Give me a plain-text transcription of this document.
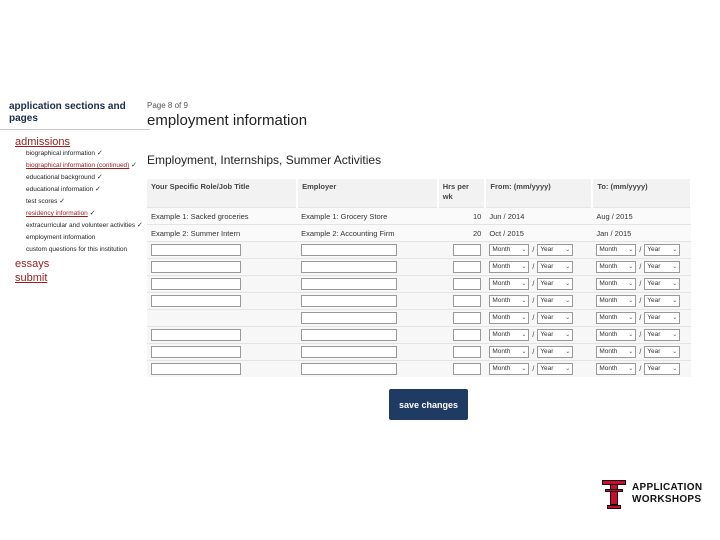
application sections and
pages
admissions
biographical information ✓
biographical information (continued) ✓
educational background ✓
educational information ✓
test scores ✓
residency information ✓
extracurricular and volunteer activities ✓
employment information
custom questions for this institution
essays
submit
Page 8 of 9
employment information
Employment, Internships, Summer Activities
Your Specific Role/Job Title	Employer	Hrs per wk	From: (mm/yyyy)	To: (mm/yyyy)
Example 1: Sacked groceries	Example 1: Grocery Store	10	Jun / 2014	Aug / 2015
Example 2: Summer Intern	Example 2: Accounting Firm	20	Oct / 2015	Jan / 2015
			Month ⌄ / Year ⌄	Month ⌄ / Year ⌄

			Month ⌄ / Year ⌄	Month ⌄ / Year ⌄

			Month ⌄ / Year ⌄	Month ⌄ / Year ⌄

			Month ⌄ / Year ⌄	Month ⌄ / Year ⌄

			Month ⌄ / Year ⌄	Month ⌄ / Year ⌄

			Month ⌄ / Year ⌄	Month ⌄ / Year ⌄

			Month ⌄ / Year ⌄	Month ⌄ / Year ⌄

			Month ⌄ / Year ⌄	Month ⌄ / Year ⌄
save changes
APPLICATION
WORKSHOPS
